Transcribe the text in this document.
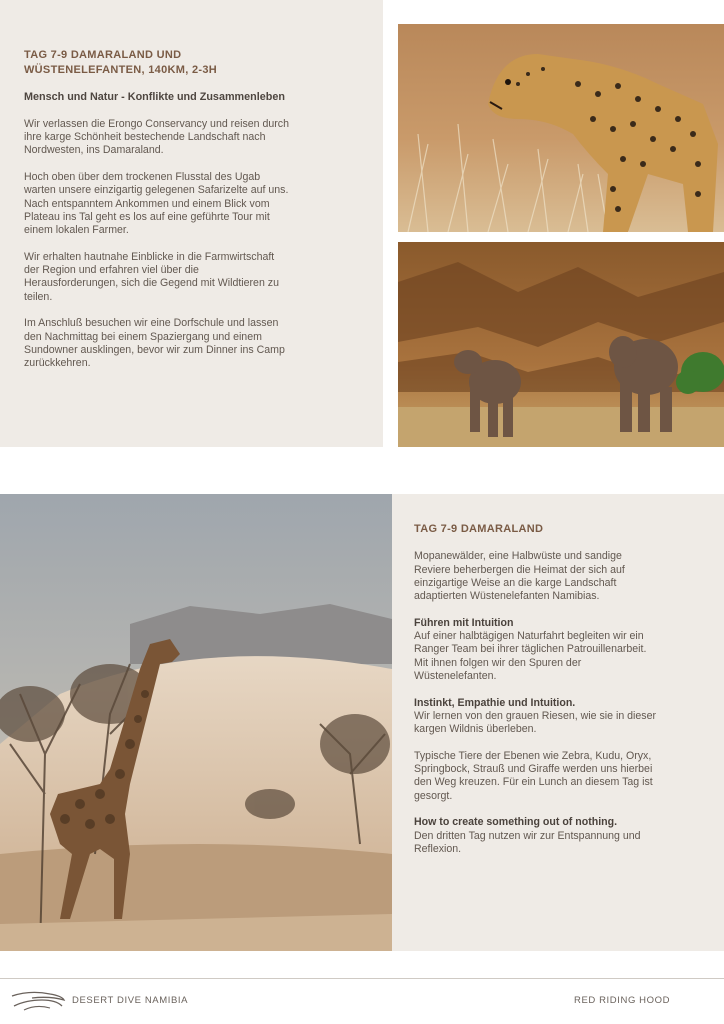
TAG 7-9 DAMARALAND UND
WÜSTENELEFANTEN, 140KM, 2-3H

Mensch und Natur - Konflikte und Zusammenleben

Wir verlassen die Erongo Conservancy und reisen durch
ihre karge Schönheit bestechende Landschaft nach
Nordwesten, ins Damaraland.

Hoch oben über dem trockenen Flusstal des Ugab
warten unsere einzigartig gelegenen Safarizelte auf uns.
Nach entspanntem Ankommen und einem Blick vom
Plateau ins Tal geht es los auf eine geführte Tour mit
einem lokalen Farmer.

Wir erhalten hautnahe Einblicke in die Farmwirtschaft
der Region und erfahren viel über die
Herausforderungen, sich die Gegend mit Wildtieren zu
teilen.

Im Anschluß besuchen wir eine Dorfschule und lassen
den Nachmittag bei einem Spaziergang und einem
Sundowner ausklingen, bevor wir zum Dinner ins Camp
zurückkehren.

TAG 7-9 DAMARALAND

Mopanewälder, eine Halbwüste und sandige
Reviere beherbergen die Heimat der sich auf
einzigartige Weise an die karge Landschaft
adaptierten Wüstenelefanten Namibias.

Führen mit Intuition

Auf einer halbtägigen Naturfahrt begleiten wir ein
Ranger Team bei ihrer täglichen Patrouillenarbeit.
Mit ihnen folgen wir den Spuren der
Wüstenelefanten.

Instinkt, Empathie und Intuition.

Wir lernen von den grauen Riesen, wie sie in dieser
kargen Wildnis überleben.

Typische Tiere der Ebenen wie Zebra, Kudu, Oryx,
Springbock, Strauß und Giraffe werden uns hierbei
den Weg kreuzen. Für ein Lunch an diesem Tag ist
gesorgt.

How to create something out of nothing.

Den dritten Tag nutzen wir zur Entspannung und
Reflexion.

DESERT DIVE NAMIBIA	RED RIDING HOOD
